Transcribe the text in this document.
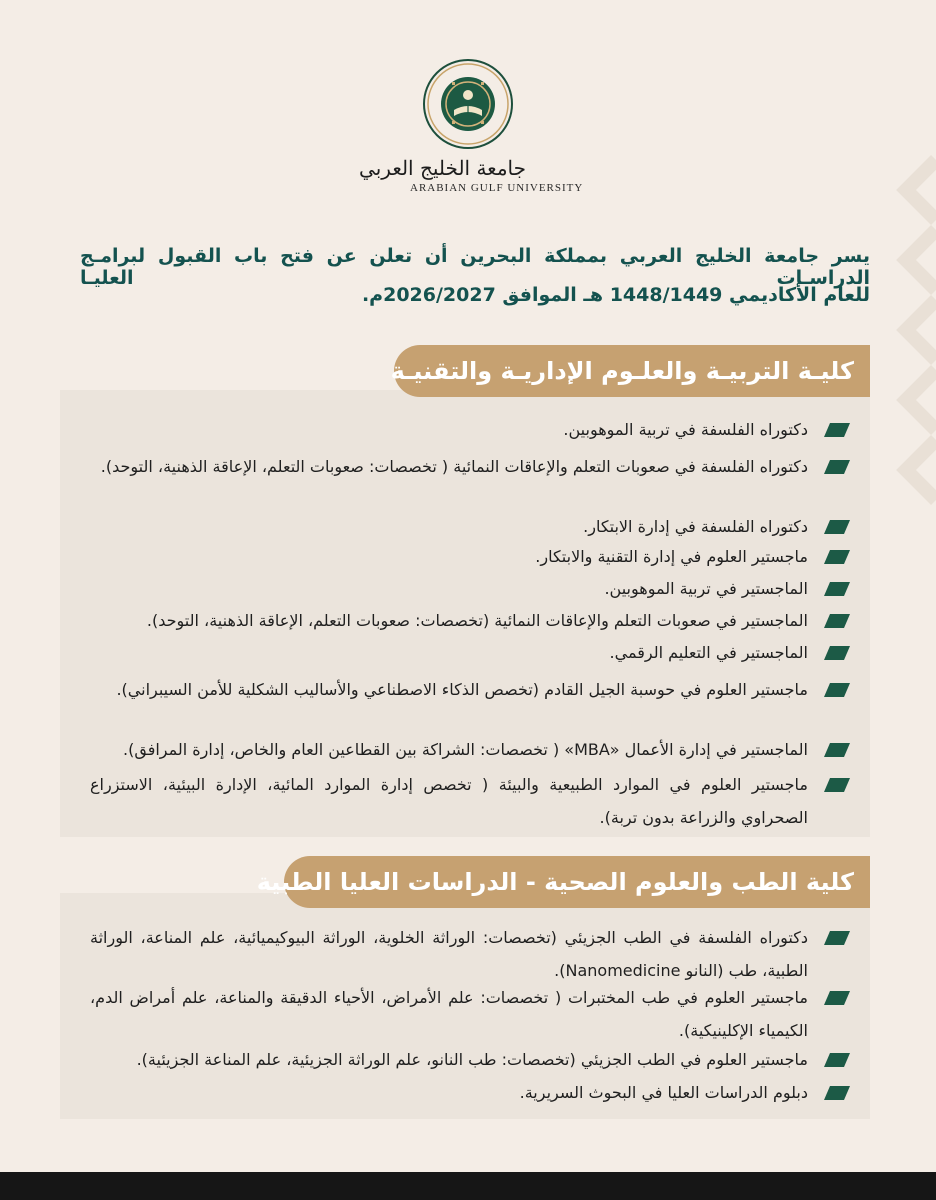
جامعة الخليج العربي
ARABIAN GULF UNIVERSITY
يسر جامعة الخليج العربي بمملكة البحرين أن تعلن عن فتح باب القبول لبرامـج الدراسـات العليـا
للعام الأكاديمي 1448/1449 هـ الموافق 2026/2027م.
كليـة التربيـة والعلـوم الإداريـة والتقنيـة
دكتوراه الفلسفة في تربية الموهوبين.
دكتوراه الفلسفة في صعوبات التعلم والإعاقات النمائية ( تخصصات: صعوبات التعلم، الإعاقة الذهنية، التوحد).
دكتوراه الفلسفة في إدارة الابتكار.
ماجستير العلوم في إدارة التقنية والابتكار.
الماجستير في تربية الموهوبين.
الماجستير في صعوبات التعلم والإعاقات النمائية (تخصصات: صعوبات التعلم، الإعاقة الذهنية، التوحد).
الماجستير في التعليم الرقمي.
ماجستير العلوم في حوسبة الجيل القادم (تخصص الذكاء الاصطناعي والأساليب الشكلية للأمن السيبراني).
الماجستير في إدارة الأعمال «MBA» ( تخصصات: الشراكة بين القطاعين العام والخاص، إدارة المرافق).
ماجستير العلوم في الموارد الطبيعية والبيئة ( تخصص إدارة الموارد المائية، الإدارة البيئية، الاستزراع الصحراوي والزراعة بدون تربة).
كلية الطب والعلوم الصحية - الدراسات العليا الطبية
دكتوراه الفلسفة في الطب الجزيئي (تخصصات: الوراثة الخلوية، الوراثة البيوكيميائية، علم المناعة، الوراثة الطبية، طب (النانو Nanomedicine).
ماجستير العلوم في طب المختبرات ( تخصصات: علم الأمراض، الأحياء الدقيقة والمناعة، علم أمراض الدم، الكيمياء الإكلينيكية).
ماجستير العلوم في الطب الجزيئي (تخصصات: طب النانو، علم الوراثة الجزيئية، علم المناعة الجزيئية).
دبلوم الدراسات العليا في البحوث السريرية.
